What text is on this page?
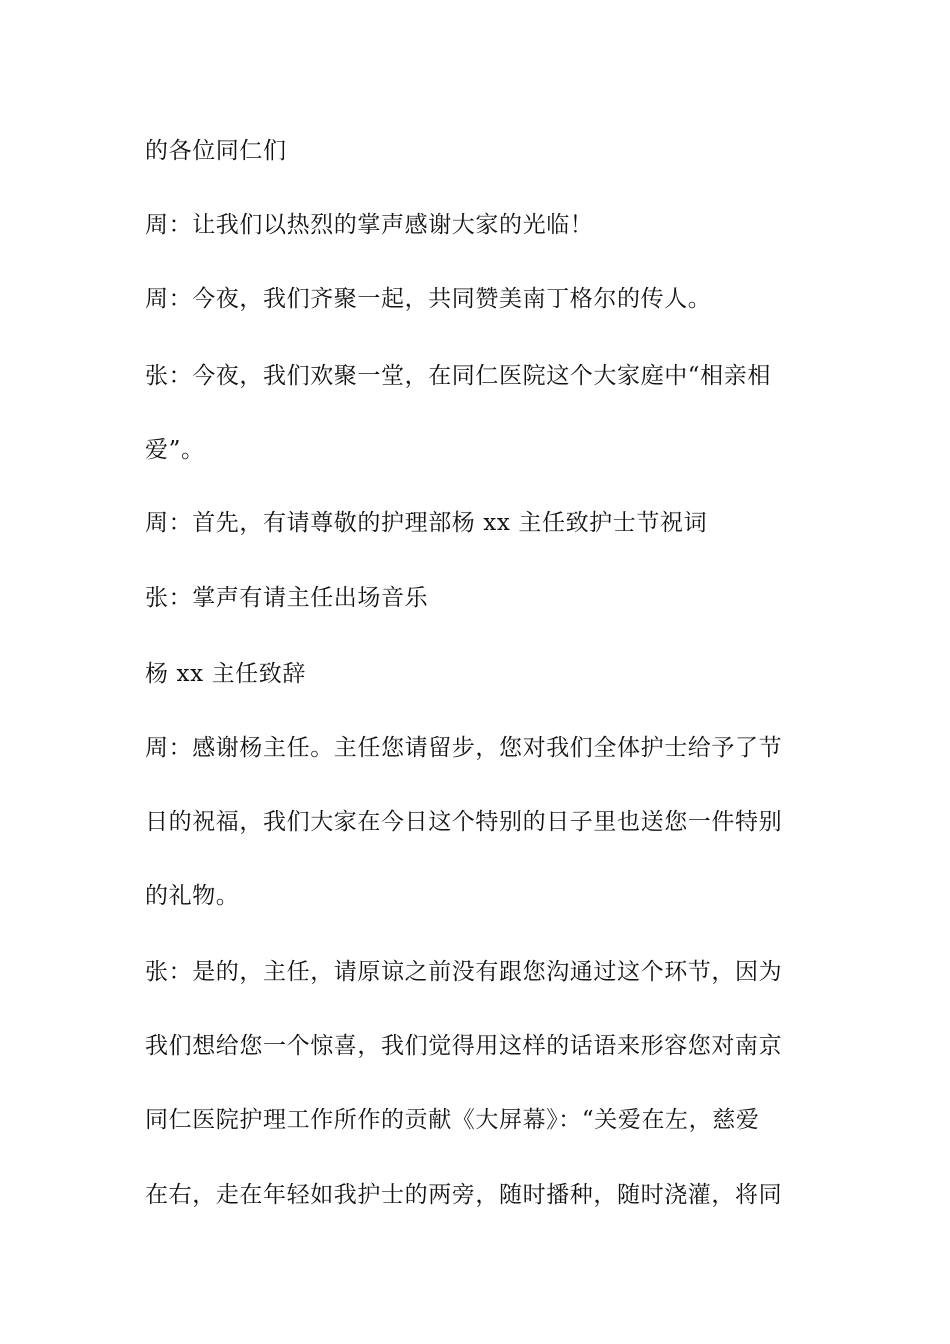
的各位同仁们
周：让我们以热烈的掌声感谢大家的光临！
周：今夜，我们齐聚一起，共同赞美南丁格尔的传人。
张：今夜，我们欢聚一堂，在同仁医院这个大家庭中“相亲相
爱”。
周：首先，有请尊敬的护理部杨 xx 主任致护士节祝词
张：掌声有请主任出场音乐
杨 xx 主任致辞
周：感谢杨主任。主任您请留步，您对我们全体护士给予了节
日的祝福，我们大家在今日这个特别的日子里也送您一件特别
的礼物。
张：是的，主任，请原谅之前没有跟您沟通过这个环节，因为
我们想给您一个惊喜，我们觉得用这样的话语来形容您对南京
同仁医院护理工作所作的贡献《大屏幕》：“关爱在左，慈爱
在右，走在年轻如我护士的两旁，随时播种，随时浇灌，将同
